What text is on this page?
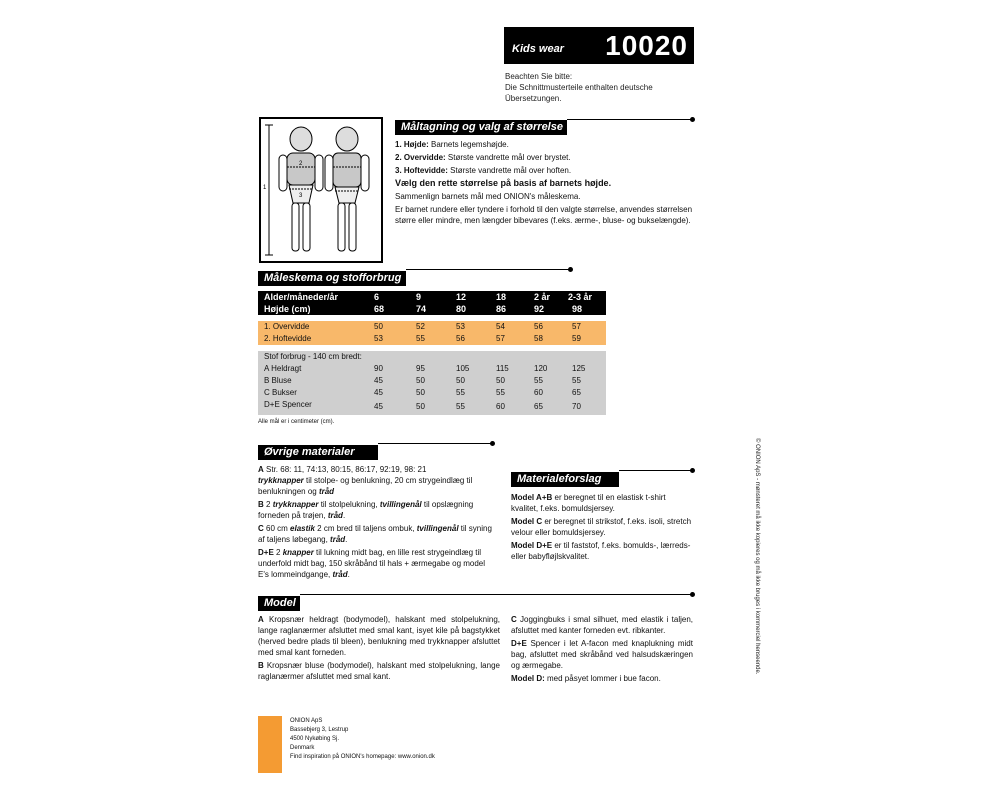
Kids wear 10020
Beachten Sie bitte:
Die Schnittmusterteile enthalten deutsche
Übersetzungen.
1
2
3
Måltagning og valg af størrelse
1. Højde: Barnets legemshøjde.
2. Overvidde: Største vandrette mål over brystet.
3. Hoftevidde: Største vandrette mål over hoften.
Vælg den rette størrelse på basis af barnets højde.
Sammenlign barnets mål med ONION's måleskema.
Er barnet rundere eller tyndere i forhold til den valgte størrelse, anvendes størrelsen større eller mindre, men længder bibevares (f.eks. ærme-, bluse- og bukselængde).
Måleskema og stofforbrug
Alder/måneder/år	6	9	12	18	2 år	2-3 år
Højde (cm)	68	74	80	86	92	98

1. Overvidde	50	52	53	54	56	57
2. Hoftevidde	53	55	56	57	58	59

Stof forbrug - 140 cm bredt:						
A Heldragt	90	95	105	115	120	125
B Bluse	45	50	50	50	55	55
C Bukser	45	50	55	55	60	65
D+E Spencer	45	50	55	60	65	70
Alle mål er i centimeter (cm).
Øvrige materialer
A Str. 68: 11, 74:13, 80:15, 86:17, 92:19, 98: 21
trykknapper til stolpe- og benlukning, 20 cm strygeindlæg til benlukningen og tråd
B 2 trykknapper til stolpelukning, tvillingenål til opslægning forneden på trøjen, tråd.
C 60 cm elastik 2 cm bred til taljens ombuk, tvillingenål til syning af taljens løbegang, tråd.
D+E 2 knapper til lukning midt bag, en lille rest strygeindlæg til underfold midt bag, 150 skråbånd til hals + ærmegabe og model E's lommeindgange, tråd.
Materialeforslag
Model A+B er beregnet til en elastisk t-shirt kvalitet, f.eks. bomuldsjersey.
Model C er beregnet til strikstof, f.eks. isoli, stretch velour eller bomuldsjersey.
Model D+E er til faststof, f.eks. bomulds-, lærreds- eller babyfløjlskvalitet.
Model
A Kropsnær heldragt (bodymodel), halskant med stolpelukning, lange raglanærmer afsluttet med smal kant, isyet kile på bagstykket (herved bedre plads til bleen), benlukning med trykknapper afsluttet med smal kant forneden.
B Kropsnær bluse (bodymodel), halskant med stolpelukning, lange raglanærmer afsluttet med smal kant.
C Joggingbuks i smal silhuet, med elastik i taljen, afsluttet med kanter forneden evt. ribkanter.
D+E Spencer i let A-facon med knaplukning midt bag, afsluttet med skråbånd ved halsudskæringen og ærmegabe.
Model D: med påsyet lommer i bue facon.
© ONION ApS - mønsteret må ikke kopieres og må ikke bruges i kommerciel henseende.
ONION ApS
Bassebjerg 3, Lestrup
4500 Nykøbing Sj.
Denmark
Find inspiration på ONION's homepage: www.onion.dk
